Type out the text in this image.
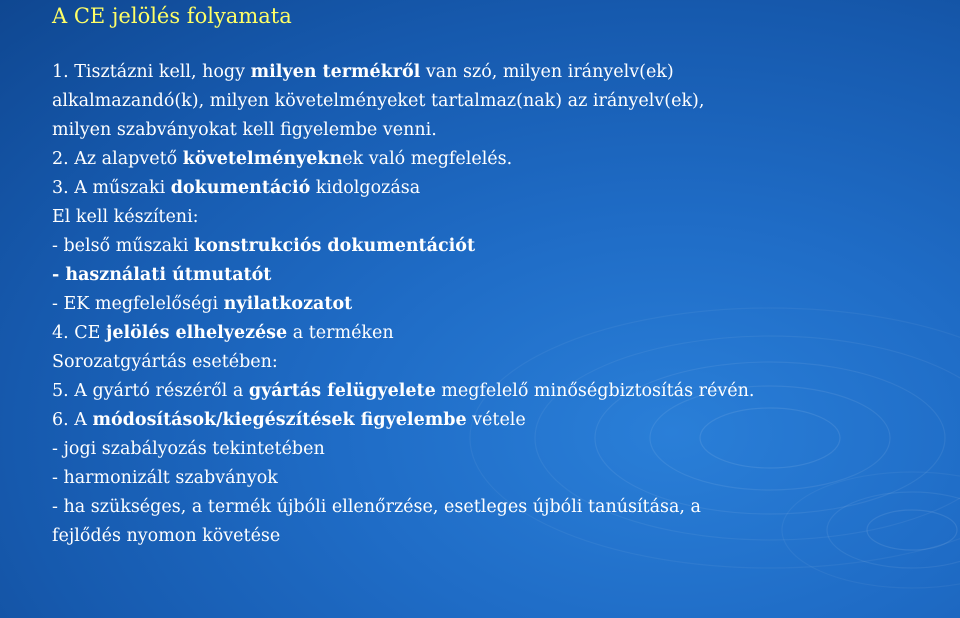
A CE jelölés folyamata
1. Tisztázni kell, hogy milyen termékről van szó, milyen irányelv(ek)
alkalmazandó(k), milyen követelményeket tartalmaz(nak) az irányelv(ek),
milyen szabványokat kell figyelembe venni.
2. Az alapvető követelményeknek való megfelelés.
3. A műszaki dokumentáció kidolgozása
El kell készíteni:
- belső műszaki konstrukciós dokumentációt
- használati útmutatót
- EK megfelelőségi nyilatkozatot
4. CE jelölés elhelyezése a terméken
Sorozatgyártás esetében:
5. A gyártó részéről a gyártás felügyelete megfelelő minőségbiztosítás révén.
6. A módosítások/kiegészítések figyelembe vétele
- jogi szabályozás tekintetében
- harmonizált szabványok
- ha szükséges, a termék újbóli ellenőrzése, esetleges újbóli tanúsítása, a
fejlődés nyomon követése
